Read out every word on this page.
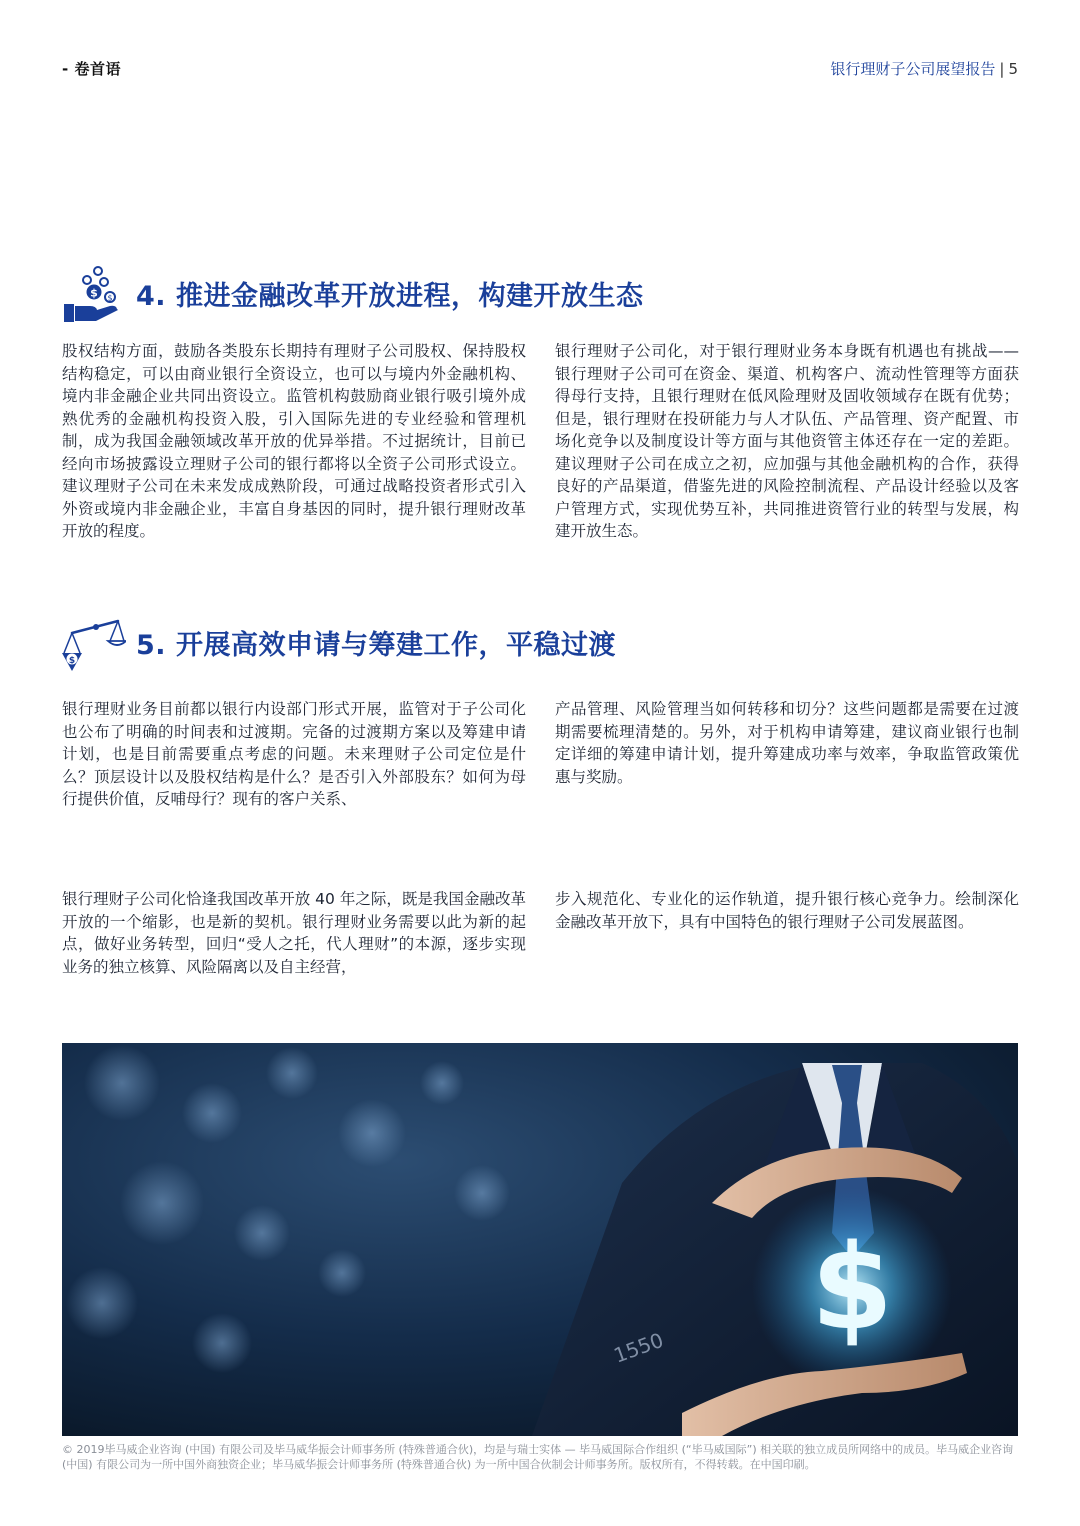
- 卷首语	银行理财子公司展望报告 | 5
$ $ 4. 推进金融改革开放进程，构建开放生态

股权结构方面，鼓励各类股东长期持有理财子公司股权、保持股权结构稳定，可以由商业银行全资设立，也可以与境内外金融机构、境内非金融企业共同出资设立。监管机构鼓励商业银行吸引境外成熟优秀的金融机构投资入股，引入国际先进的专业经验和管理机制，成为我国金融领域改革开放的优异举措。不过据统计，目前已经向市场披露设立理财子公司的银行都将以全资子公司形式设立。建议理财子公司在未来发成成熟阶段，可通过战略投资者形式引入外资或境内非金融企业，丰富自身基因的同时，提升银行理财改革开放的程度。

银行理财子公司化，对于银行理财业务本身既有机遇也有挑战——银行理财子公司可在资金、渠道、机构客户、流动性管理等方面获得母行支持，且银行理财在低风险理财及固收领域存在既有优势；但是，银行理财在投研能力与人才队伍、产品管理、资产配置、市场化竞争以及制度设计等方面与其他资管主体还存在一定的差距。建议理财子公司在成立之初，应加强与其他金融机构的合作，获得良好的产品渠道，借鉴先进的风险控制流程、产品设计经验以及客户管理方式，实现优势互补，共同推进资管行业的转型与发展，构建开放生态。

$
5. 开展高效申请与筹建工作，平稳过渡

银行理财业务目前都以银行内设部门形式开展，监管对于子公司化也公布了明确的时间表和过渡期。完备的过渡期方案以及筹建申请计划，也是目前需要重点考虑的问题。未来理财子公司定位是什么？顶层设计以及股权结构是什么？是否引入外部股东？如何为母行提供价值，反哺母行？现有的客户关系、

产品管理、风险管理当如何转移和切分？这些问题都是需要在过渡期需要梳理清楚的。另外，对于机构申请筹建，建议商业银行也制定详细的筹建申请计划，提升筹建成功率与效率，争取监管政策优惠与奖励。

银行理财子公司化恰逢我国改革开放 40 年之际，既是我国金融改革开放的一个缩影，也是新的契机。银行理财业务需要以此为新的起点，做好业务转型，回归“受人之托，代人理财”的本源，逐步实现业务的独立核算、风险隔离以及自主经营，

步入规范化、专业化的运作轨道，提升银行核心竞争力。绘制深化金融改革开放下，具有中国特色的银行理财子公司发展蓝图。

1550 $
© 2019毕马威企业咨询 (中国) 有限公司及毕马威华振会计师事务所 (特殊普通合伙)，均是与瑞士实体 — 毕马威国际合作组织 (“毕马威国际”) 相关联的独立成员所网络中的成员。毕马威企业咨询 (中国) 有限公司为一所中国外商独资企业；毕马威华振会计师事务所 (特殊普通合伙) 为一所中国合伙制会计师事务所。版权所有，不得转载。在中国印刷。
